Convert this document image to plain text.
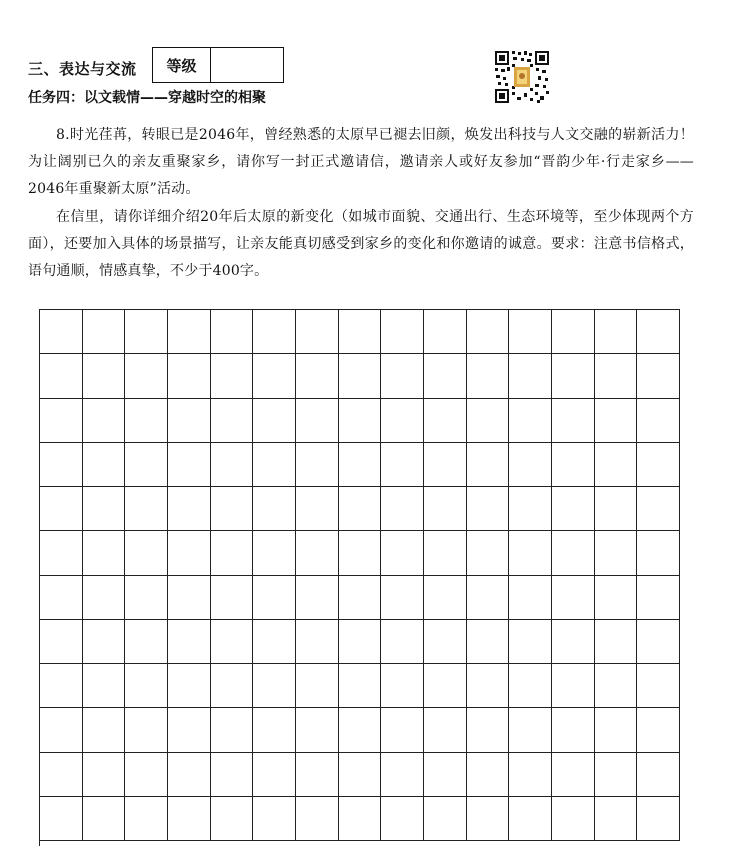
三、表达与交流	等级
任务四：以文载情——穿越时空的相聚

8.时光荏苒，转眼已是2046年，曾经熟悉的太原早已褪去旧颜，焕发出科技与人文交融的崭新活力！为让阔别已久的亲友重聚家乡，请你写一封正式邀请信，邀请亲人或好友参加“晋韵少年·行走家乡——2046年重聚新太原”活动。

在信里，请你详细介绍20年后太原的新变化（如城市面貌、交通出行、生态环境等，至少体现两个方面），还要加入具体的场景描写，让亲友能真切感受到家乡的变化和你邀请的诚意。要求：注意书信格式，语句通顺，情感真挚，不少于400字。
